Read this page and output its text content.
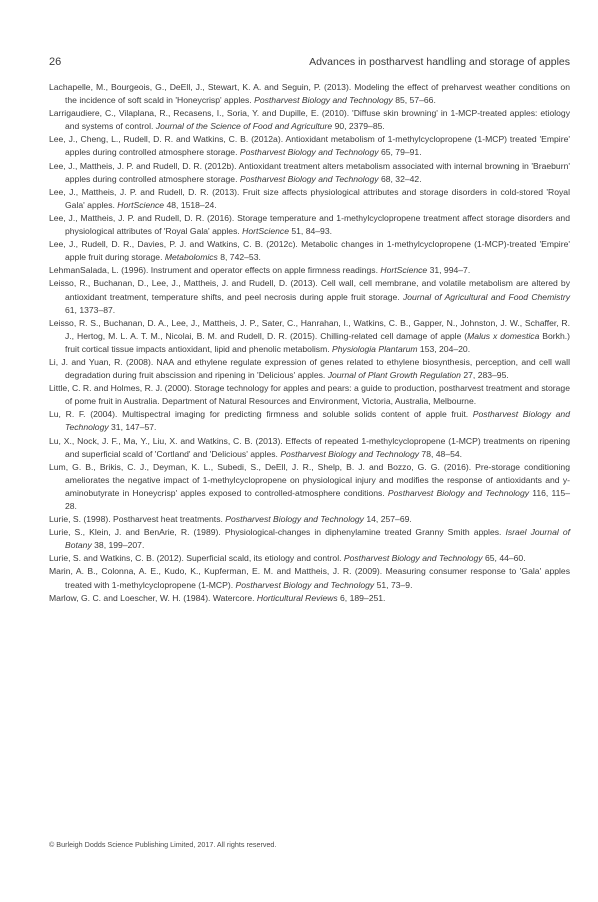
26	Advances in postharvest handling and storage of apples
Lachapelle, M., Bourgeois, G., DeEll, J., Stewart, K. A. and Seguin, P. (2013). Modeling the effect of preharvest weather conditions on the incidence of soft scald in 'Honeycrisp' apples. Postharvest Biology and Technology 85, 57–66.
Larrigaudiere, C., Vilaplana, R., Recasens, I., Soria, Y. and Dupille, E. (2010). 'Diffuse skin browning' in 1-MCP-treated apples: etiology and systems of control. Journal of the Science of Food and Agriculture 90, 2379–85.
Lee, J., Cheng, L., Rudell, D. R. and Watkins, C. B. (2012a). Antioxidant metabolism of 1-methylcyclopropene (1-MCP) treated 'Empire' apples during controlled atmosphere storage. Postharvest Biology and Technology 65, 79–91.
Lee, J., Mattheis, J. P. and Rudell, D. R. (2012b). Antioxidant treatment alters metabolism associated with internal browning in 'Braeburn' apples during controlled atmosphere storage. Postharvest Biology and Technology 68, 32–42.
Lee, J., Mattheis, J. P. and Rudell, D. R. (2013). Fruit size affects physiological attributes and storage disorders in cold-stored 'Royal Gala' apples. HortScience 48, 1518–24.
Lee, J., Mattheis, J. P. and Rudell, D. R. (2016). Storage temperature and 1-methylcyclopropene treatment affect storage disorders and physiological attributes of 'Royal Gala' apples. HortScience 51, 84–93.
Lee, J., Rudell, D. R., Davies, P. J. and Watkins, C. B. (2012c). Metabolic changes in 1-methylcyclopropene (1-MCP)-treated 'Empire' apple fruit during storage. Metabolomics 8, 742–53.
LehmanSalada, L. (1996). Instrument and operator effects on apple firmness readings. HortScience 31, 994–7.
Leisso, R., Buchanan, D., Lee, J., Mattheis, J. and Rudell, D. (2013). Cell wall, cell membrane, and volatile metabolism are altered by antioxidant treatment, temperature shifts, and peel necrosis during apple fruit storage. Journal of Agricultural and Food Chemistry 61, 1373–87.
Leisso, R. S., Buchanan, D. A., Lee, J., Mattheis, J. P., Sater, C., Hanrahan, I., Watkins, C. B., Gapper, N., Johnston, J. W., Schaffer, R. J., Hertog, M. L. A. T. M., Nicolai, B. M. and Rudell, D. R. (2015). Chilling-related cell damage of apple (Malus x domestica Borkh.) fruit cortical tissue impacts antioxidant, lipid and phenolic metabolism. Physiologia Plantarum 153, 204–20.
Li, J. and Yuan, R. (2008). NAA and ethylene regulate expression of genes related to ethylene biosynthesis, perception, and cell wall degradation during fruit abscission and ripening in 'Delicious' apples. Journal of Plant Growth Regulation 27, 283–95.
Little, C. R. and Holmes, R. J. (2000). Storage technology for apples and pears: a guide to production, postharvest treatment and storage of pome fruit in Australia. Department of Natural Resources and Environment, Victoria, Australia, Melbourne.
Lu, R. F. (2004). Multispectral imaging for predicting firmness and soluble solids content of apple fruit. Postharvest Biology and Technology 31, 147–57.
Lu, X., Nock, J. F., Ma, Y., Liu, X. and Watkins, C. B. (2013). Effects of repeated 1-methylcyclopropene (1-MCP) treatments on ripening and superficial scald of 'Cortland' and 'Delicious' apples. Postharvest Biology and Technology 78, 48–54.
Lum, G. B., Brikis, C. J., Deyman, K. L., Subedi, S., DeEll, J. R., Shelp, B. J. and Bozzo, G. G. (2016). Pre-storage conditioning ameliorates the negative impact of 1-methylcyclopropene on physiological injury and modifies the response of antioxidants and y-aminobutyrate in Honeycrisp' apples exposed to controlled-atmosphere conditions. Postharvest Biology and Technology 116, 115–28.
Lurie, S. (1998). Postharvest heat treatments. Postharvest Biology and Technology 14, 257–69.
Lurie, S., Klein, J. and BenArie, R. (1989). Physiological-changes in diphenylamine treated Granny Smith apples. Israel Journal of Botany 38, 199–207.
Lurie, S. and Watkins, C. B. (2012). Superficial scald, its etiology and control. Postharvest Biology and Technology 65, 44–60.
Marin, A. B., Colonna, A. E., Kudo, K., Kupferman, E. M. and Mattheis, J. R. (2009). Measuring consumer response to 'Gala' apples treated with 1-methylcyclopropene (1-MCP). Postharvest Biology and Technology 51, 73–9.
Marlow, G. C. and Loescher, W. H. (1984). Watercore. Horticultural Reviews 6, 189–251.
© Burleigh Dodds Science Publishing Limited, 2017. All rights reserved.
